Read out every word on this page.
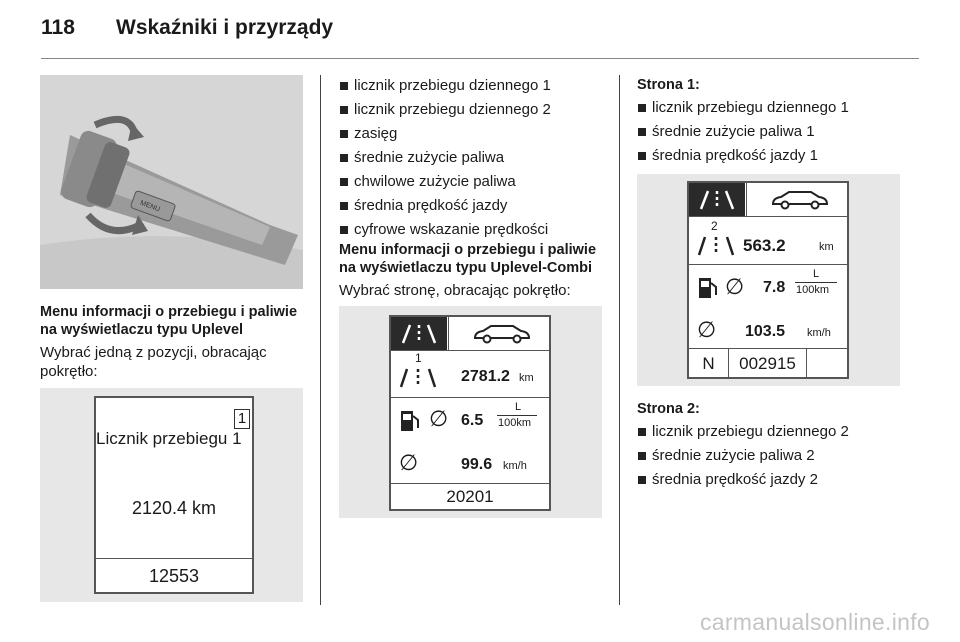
118	Wskaźniki i przyrządy
MENU
Menu informacji o przebiegu i paliwie na wyświetlaczu typu Uplevel
Wybrać jedną z pozycji, obracając pokrętło:
1
Licznik przebiegu 1
2120.4 km
12553
licznik przebiegu dziennego 1
licznik przebiegu dziennego 2
zasięg
średnie zużycie paliwa
chwilowe zużycie paliwa
średnia prędkość jazdy
cyfrowe wskazanie prędkości
Menu informacji o przebiegu i paliwie na wyświetlaczu typu Uplevel-Combi
Wybrać stronę, obracając pokrętło:
1
2781.2 km
∅ 6.5
L
100km
∅	99.6 km/h
20201
Strona 1:
licznik przebiegu dziennego 1
średnie zużycie paliwa 1
średnia prędkość jazdy 1
2
563.2	km
∅ 7.8
L
100km
∅ 103.5 km/h
N	002915
Strona 2:
licznik przebiegu dziennego 2
średnie zużycie paliwa 2
średnia prędkość jazdy 2
carmanualsonline.info
